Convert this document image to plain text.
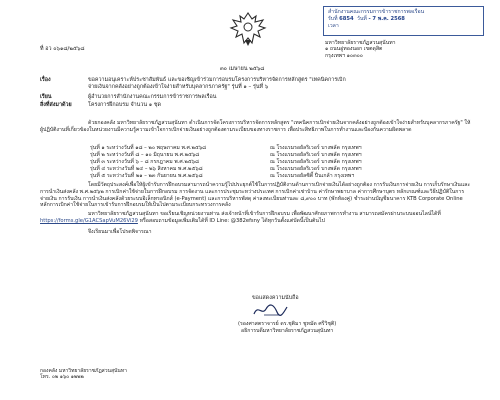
สำนักงานคณะกรรมการข้าราชการพลเรือน
รับที่ 6854 วันที่ - 7 พ.ค. 2568
เวลา
ที่ อว ๐๖๑๘/๒๕๖๘
มหาวิทยาลัยราชภัฏสวนสุนันทา
๑ ถนนอู่ทองนอก เขตดุสิต
กรุงเทพฯ ๑๐๓๐๐
๓๐ เมษายน ๒๕๖๘
เรื่อง	ขอความอนุเคราะห์ประชาสัมพันธ์ และขอเชิญเข้าร่วมการอบรมโครงการบริหารจัดการหลักสูตร "เทคนิคการเบิก
จ่ายเงินจากคลังอย่างถูกต้องเข้าใจง่ายสำหรับบุคลากรภาครัฐ" รุ่นที่ ๑ – รุ่นที่ ๖
เรียน	ผู้อำนวยการสำนักงานคณะกรรมการข้าราชการพลเรือน
สิ่งที่ส่งมาด้วย	โครงการฝึกอบรม จำนวน ๑ ชุด

ด้วยกองคลัง มหาวิทยาลัยราชภัฏสวนสุนันทา ดำเนินการจัดโครงการบริหารจัดการหลักสูตร "เทคนิคการเบิกจ่ายเงินจากคลังอย่างถูกต้องเข้าใจง่ายสำหรับบุคลากรภาครัฐ" ให้ผู้ปฏิบัติงานที่เกี่ยวข้องในหน่วยงานมีความรู้ความเข้าใจการเบิกจ่ายเงินอย่างถูกต้องตามระเบียบของทางราชการ เพื่อประสิทธิภาพในการทำงานและป้องกันความผิดพลาด

รุ่นที่ ๑ ระหว่างวันที่ ๑๘ – ๒๐ พฤษภาคม พ.ศ.๒๕๖๘	ณ โรงแรมรอยัลริเวอร์ บางพลัด กรุงเทพฯ
รุ่นที่ ๒ ระหว่างวันที่ ๘ – ๑๐ มิถุนายน พ.ศ.๒๕๖๘	ณ โรงแรมรอยัลริเวอร์ บางพลัด กรุงเทพฯ
รุ่นที่ ๓ ระหว่างวันที่ ๖ – ๘ กรกฎาคม พ.ศ.๒๕๖๘	ณ โรงแรมรอยัลริเวอร์ บางพลัด กรุงเทพฯ
รุ่นที่ ๔ ระหว่างวันที่ ๒๔ – ๒๖ สิงหาคม พ.ศ.๒๕๖๘	ณ โรงแรมรอยัลริเวอร์ บางพลัด กรุงเทพฯ
รุ่นที่ ๕ ระหว่างวันที่ ๒๑ – ๒๓ กันยายน พ.ศ.๒๕๖๘	ณ โรงแรมรอยัลซิตี้ ปิ่นเกล้า กรุงเทพฯ

โดยมีวัตถุประสงค์เพื่อให้ผู้เข้ารับการฝึกอบรมสามารถนำความรู้ไปประยุกต์ใช้ในการปฏิบัติงานด้านการเบิกจ่ายเงินได้อย่างถูกต้อง การรับเงินการจ่ายเงิน การเก็บรักษาเงินและการนำเงินส่งคลัง พ.ศ.๒๕๖๒ การเบิกค่าใช้จ่ายในการฝึกอบรม การจัดงาน และการประชุมระหว่างประเทศ การเบิกค่าเช่าบ้าน ค่ารักษาพยาบาล ค่าการศึกษาบุตร หลักเกณฑ์และวิธีปฏิบัติในการจ่ายเงิน การรับเงิน การนำเงินส่งคลังด้วยระบบอิเล็กทรอนิกส์ (e-Payment) และการบริหารพัสดุ ค่าลงทะเบียนท่านละ ๘,๙๐๐ บาท (พักห้องคู่) ชำระผ่านบัญชีธนาคาร KTB Corporate Online หลักการเบิกค่าใช้จ่ายในการเข้ารับการฝึกอบรมให้เป็นไปตามระเบียบกระทรวงการคลัง

มหาวิทยาลัยราชภัฏสวนสุนันทา ขอเรียนเชิญหน่วยงานท่าน ส่งเจ้าหน้าที่เข้ารับการฝึกอบรม เพื่อพัฒนาศักยภาพการทำงาน สามารถสมัครผ่านระบบออนไลน์ได้ที่ https://forms.gle/G1ACSapVuM26Vi29 หรือสอบถามข้อมูลเพิ่มเติมได้ที่ ID Line: @382efsny ได้ทุกวันตั้งแต่บัดนี้เป็นต้นไป

จึงเรียนมาเพื่อโปรดพิจารณา

ขอแสดงความนับถือ
(รองศาสตราจารย์ ดร.ชุติมา ชูหมัด ศรีวิชุติ)
อธิการบดีมหาวิทยาลัยราชภัฏสวนสุนันทา
กองคลัง มหาวิทยาลัยราชภัฏสวนสุนันทา
โทร. ๐๒ ๑๖๐ ๑๒๒๒
